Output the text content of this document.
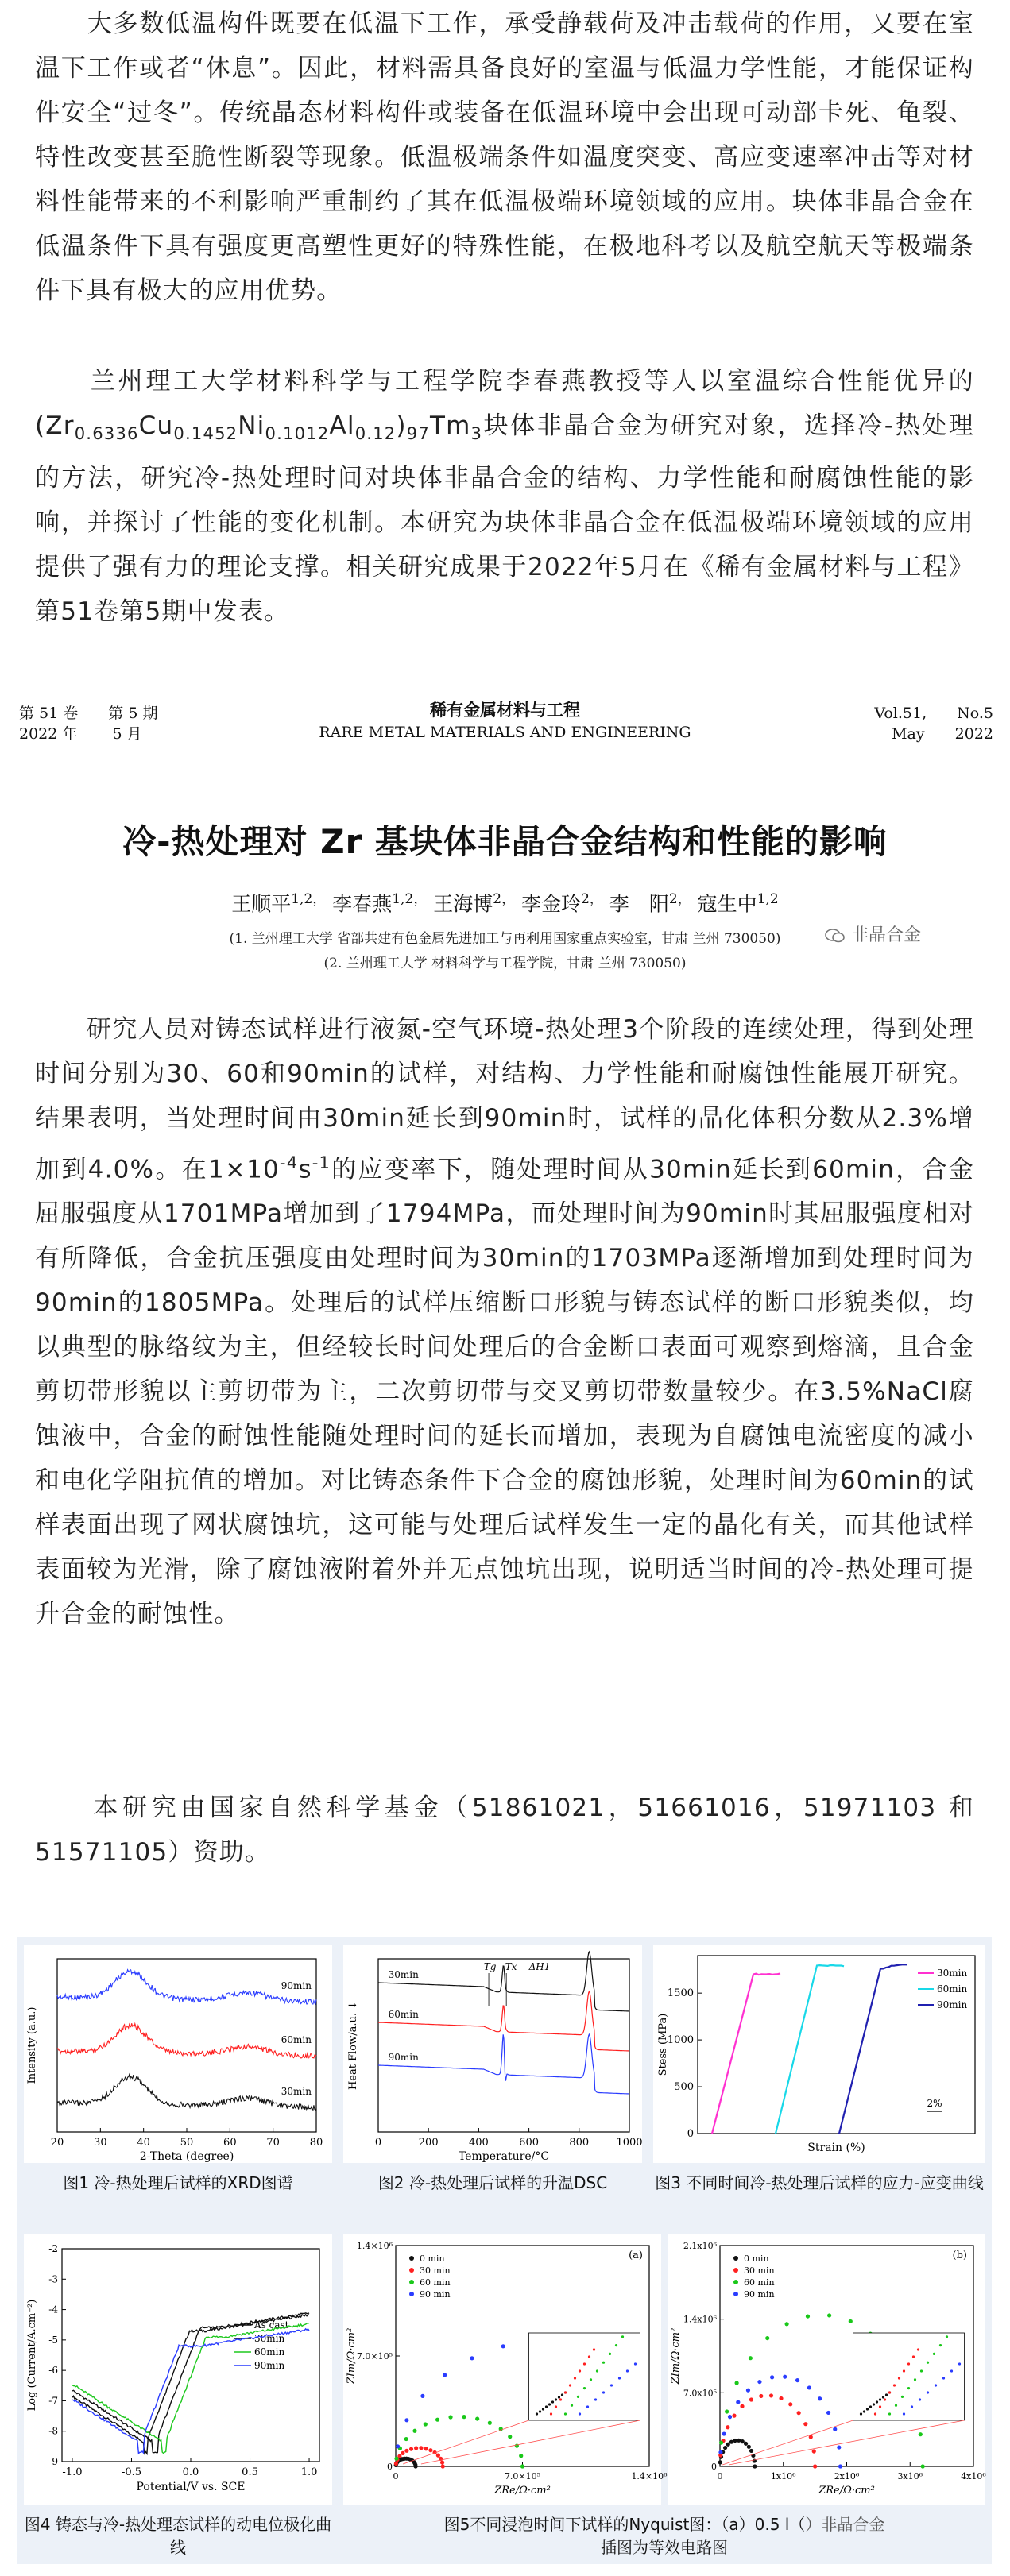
　　大多数低温构件既要在低温下工作，承受静载荷及冲击载荷的作用，又要在室温下工作或者“休息”。因此，材料需具备良好的室温与低温力学性能，才能保证构件安全“过冬”。传统晶态材料构件或装备在低温环境中会出现可动部卡死、龟裂、特性改变甚至脆性断裂等现象。低温极端条件如温度突变、高应变速率冲击等对材料性能带来的不利影响严重制约了其在低温极端环境领域的应用。块体非晶合金在低温条件下具有强度更高塑性更好的特殊性能，在极地科考以及航空航天等极端条件下具有极大的应用优势。

　　兰州理工大学材料科学与工程学院李春燕教授等人以室温综合性能优异的$(Zr_{0.6336}Cu_{0.1452}Ni_{0.1012}Al_{0.12})_{97}Tm_3$块体非晶合金为研究对象，选择冷-热处理的方法，研究冷-热处理时间对块体非晶合金的结构、力学性能和耐腐蚀性能的影响，并探讨了性能的变化机制。本研究为块体非晶合金在低温极端环境领域的应用提供了强有力的理论支撑。相关研究成果于2022年5月在《稀有金属材料与工程》第51卷第5期中发表。

第 51 卷　　 第 5 期
2022 年　　 5 月
稀有金属材料与工程
RARE METAL MATERIALS AND ENGINEERING
Vol.51,　　 No.5
May　　 2022
冷-热处理对 Zr 基块体非晶合金结构和性能的影响
王顺平$^{1,2,}$ 李春燕$^{1,2,}$ 王海博$^{2,}$ 李金玲$^{2,}$ 李　阳$^{2,}$ 寇生中$^{1,2}$
(1. 兰州理工大学 省部共建有色金属先进加工与再利用国家重点实验室，甘肃 兰州 730050)
(2. 兰州理工大学 材料科学与工程学院，甘肃 兰州 730050)
非晶合金

　　研究人员对铸态试样进行液氮-空气环境-热处理3个阶段的连续处理，得到处理时间分别为30、60和90min的试样，对结构、力学性能和耐腐蚀性能展开研究。结果表明，当处理时间由30min延长到90min时，试样的晶化体积分数从2.3%增加到4.0%。在$1\times 10^{-4}s^{-1}$的应变率下，随处理时间从30min延长到60min，合金屈服强度从1701MPa增加到了1794MPa，而处理时间为90min时其屈服强度相对有所降低，合金抗压强度由处理时间为30min的1703MPa逐渐增加到处理时间为90min的1805MPa。处理后的试样压缩断口形貌与铸态试样的断口形貌类似，均以典型的脉络纹为主，但经较长时间处理后的合金断口表面可观察到熔滴，且合金剪切带形貌以主剪切带为主，二次剪切带与交叉剪切带数量较少。在3.5%NaCl腐蚀液中，合金的耐蚀性能随处理时间的延长而增加，表现为自腐蚀电流密度的减小和电化学阻抗值的增加。对比铸态条件下合金的腐蚀形貌，处理时间为60min的试样表面出现了网状腐蚀坑，这可能与处理后试样发生一定的晶化有关，而其他试样表面较为光滑，除了腐蚀液附着外并无点蚀坑出现，说明适当时间的冷-热处理可提升合金的耐蚀性。

　　本研究由国家自然科学基金（51861021，51661016，51971103 和51571105）资助。

20	30	40	50	60	70	80
2-Theta (degree)
Intensity (a.u.)
90min
60min
30min
图1 冷-热处理后试样的XRD图谱
0	200	400	600	800	1000
Temperature/°C
Heat Flow/a.u. ↓
30min
60min
90min
Tg Tx ΔH1
图2 冷-热处理后试样的升温DSC
0
500
1000
1500
Strain (%)
Stess (MPa)
30min
60min
90min
2%
图3 不同时间冷-热处理后试样的应力-应变曲线
-1.0	-0.5	0.0	0.5	1.0
-2
-3
-4
-5
-6
-7
-8
-9
Potential/V vs. SCE
Log (Current/A.cm⁻²)	As cast
30min
60min
90min
图4 铸态与冷-热处理态试样的动电位极化曲线
0	7.0×10⁵	1.4×10⁶
0
7.0×10⁵
1.4×10⁶
ZRe/Ω·cm²
ZIm/Ω·cm²
(a)
0 min
30 min
60 min
90 min
0	1x10⁶	2x10⁶	3x10⁶	4x10⁶
0
7.0x10⁵
1.4x10⁶
2.1x10⁶
ZRe/Ω·cm²
ZIm/Ω·cm²
(b)
0 min
30 min
60 min
90 min
图5不同浸泡时间下试样的Nyquist图：（a）0.5 l（）非晶合金
插图为等效电路图
